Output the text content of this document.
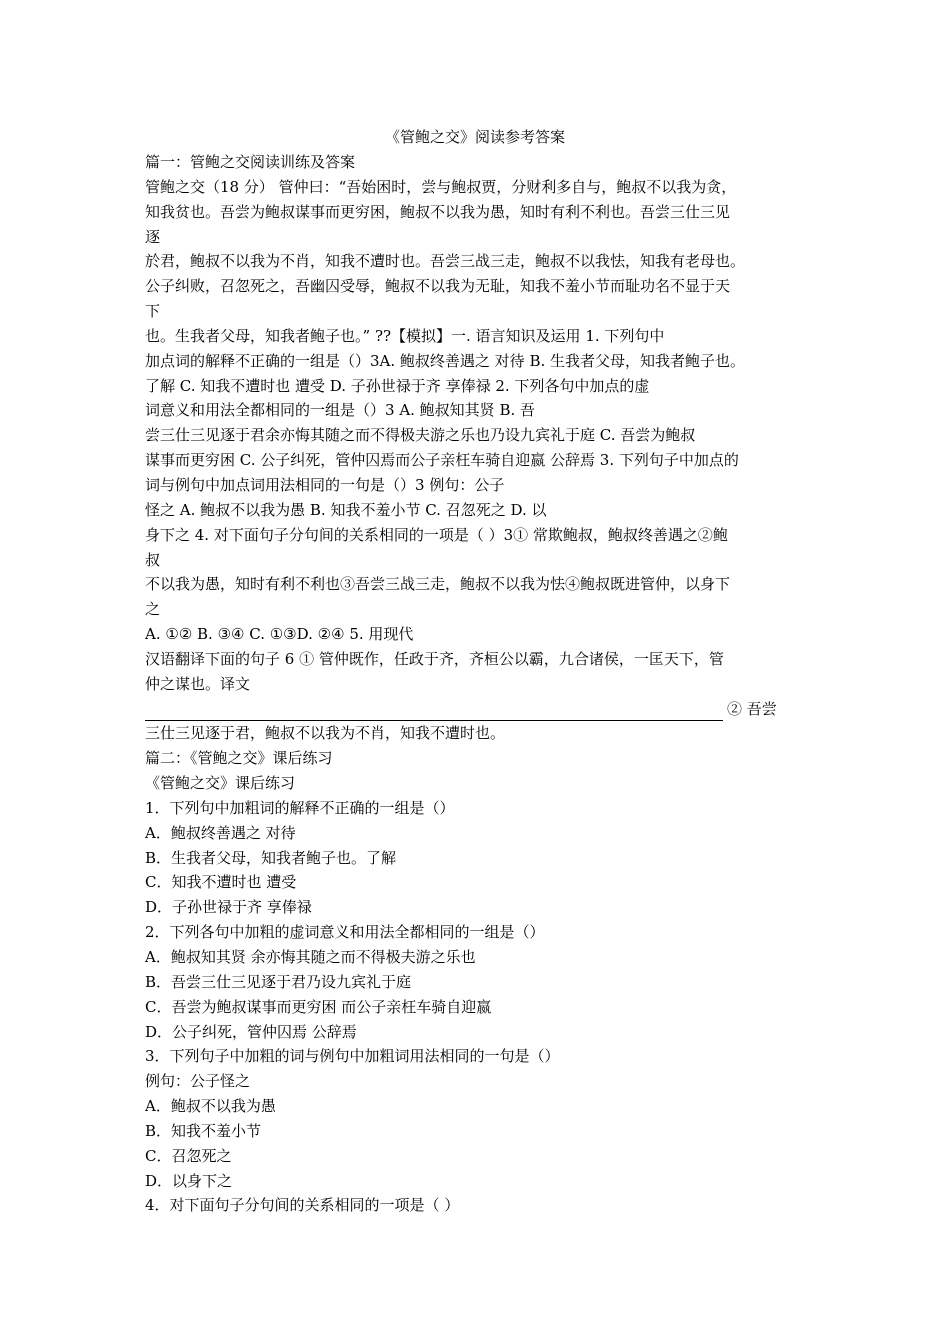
《管鲍之交》阅读参考答案
篇一：管鲍之交阅读训练及答案
管鲍之交（18 分） 管仲曰：“吾始困时，尝与鲍叔贾，分财利多自与，鲍叔不以我为贪，
知我贫也。吾尝为鲍叔谋事而更穷困，鲍叔不以我为愚，知时有利不利也。吾尝三仕三见
逐
於君，鲍叔不以我为不肖，知我不遭时也。吾尝三战三走，鲍叔不以我怯，知我有老母也。
公子纠败，召忽死之，吾幽囚受辱，鲍叔不以我为无耻，知我不羞小节而耻功名不显于天
下
也。生我者父母，知我者鲍子也。” ??【模拟】一. 语言知识及运用 1. 下列句中
加点词的解释不正确的一组是（）3A. 鲍叔终善遇之 对待 B. 生我者父母，知我者鲍子也。
了解 C. 知我不遭时也 遭受 D. 子孙世禄于齐 享俸禄 2. 下列各句中加点的虚
词意义和用法全都相同的一组是（）3 A. 鲍叔知其贤 B. 吾
尝三仕三见逐于君余亦悔其随之而不得极夫游之乐也乃设九宾礼于庭 C. 吾尝为鲍叔
谋事而更穷困 C. 公子纠死，管仲囚焉而公子亲枉车骑自迎嬴 公辞焉 3. 下列句子中加点的
词与例句中加点词用法相同的一句是（）3 例句：公子
怪之 A. 鲍叔不以我为愚 B. 知我不羞小节 C. 召忽死之 D. 以
身下之 4. 对下面句子分句间的关系相同的一项是（ ）3① 常欺鲍叔，鲍叔终善遇之②鲍
叔
不以我为愚，知时有利不利也③吾尝三战三走，鲍叔不以我为怯④鲍叔既进管仲，以身下
之
A. ①② B. ③④ C. ①③D. ②④ 5. 用现代
汉语翻译下面的句子 6 ① 管仲既作，任政于齐，齐桓公以霸，九合诸侯，一匡天下，管
仲之谋也。译文
② 吾尝
三仕三见逐于君，鲍叔不以我为不肖，知我不遭时也。
篇二：《管鲍之交》课后练习
《管鲍之交》课后练习
1．下列句中加粗词的解释不正确的一组是（）
A．鲍叔终善遇之 对待
B．生我者父母，知我者鲍子也。了解
C．知我不遭时也 遭受
D．子孙世禄于齐 享俸禄
2．下列各句中加粗的虚词意义和用法全都相同的一组是（）
A．鲍叔知其贤 余亦悔其随之而不得极夫游之乐也
B．吾尝三仕三见逐于君乃设九宾礼于庭
C．吾尝为鲍叔谋事而更穷困 而公子亲枉车骑自迎嬴
D．公子纠死，管仲囚焉 公辞焉
3．下列句子中加粗的词与例句中加粗词用法相同的一句是（）
例句：公子怪之
A．鲍叔不以我为愚
B．知我不羞小节
C．召忽死之
D．以身下之
4．对下面句子分句间的关系相同的一项是（ ）
